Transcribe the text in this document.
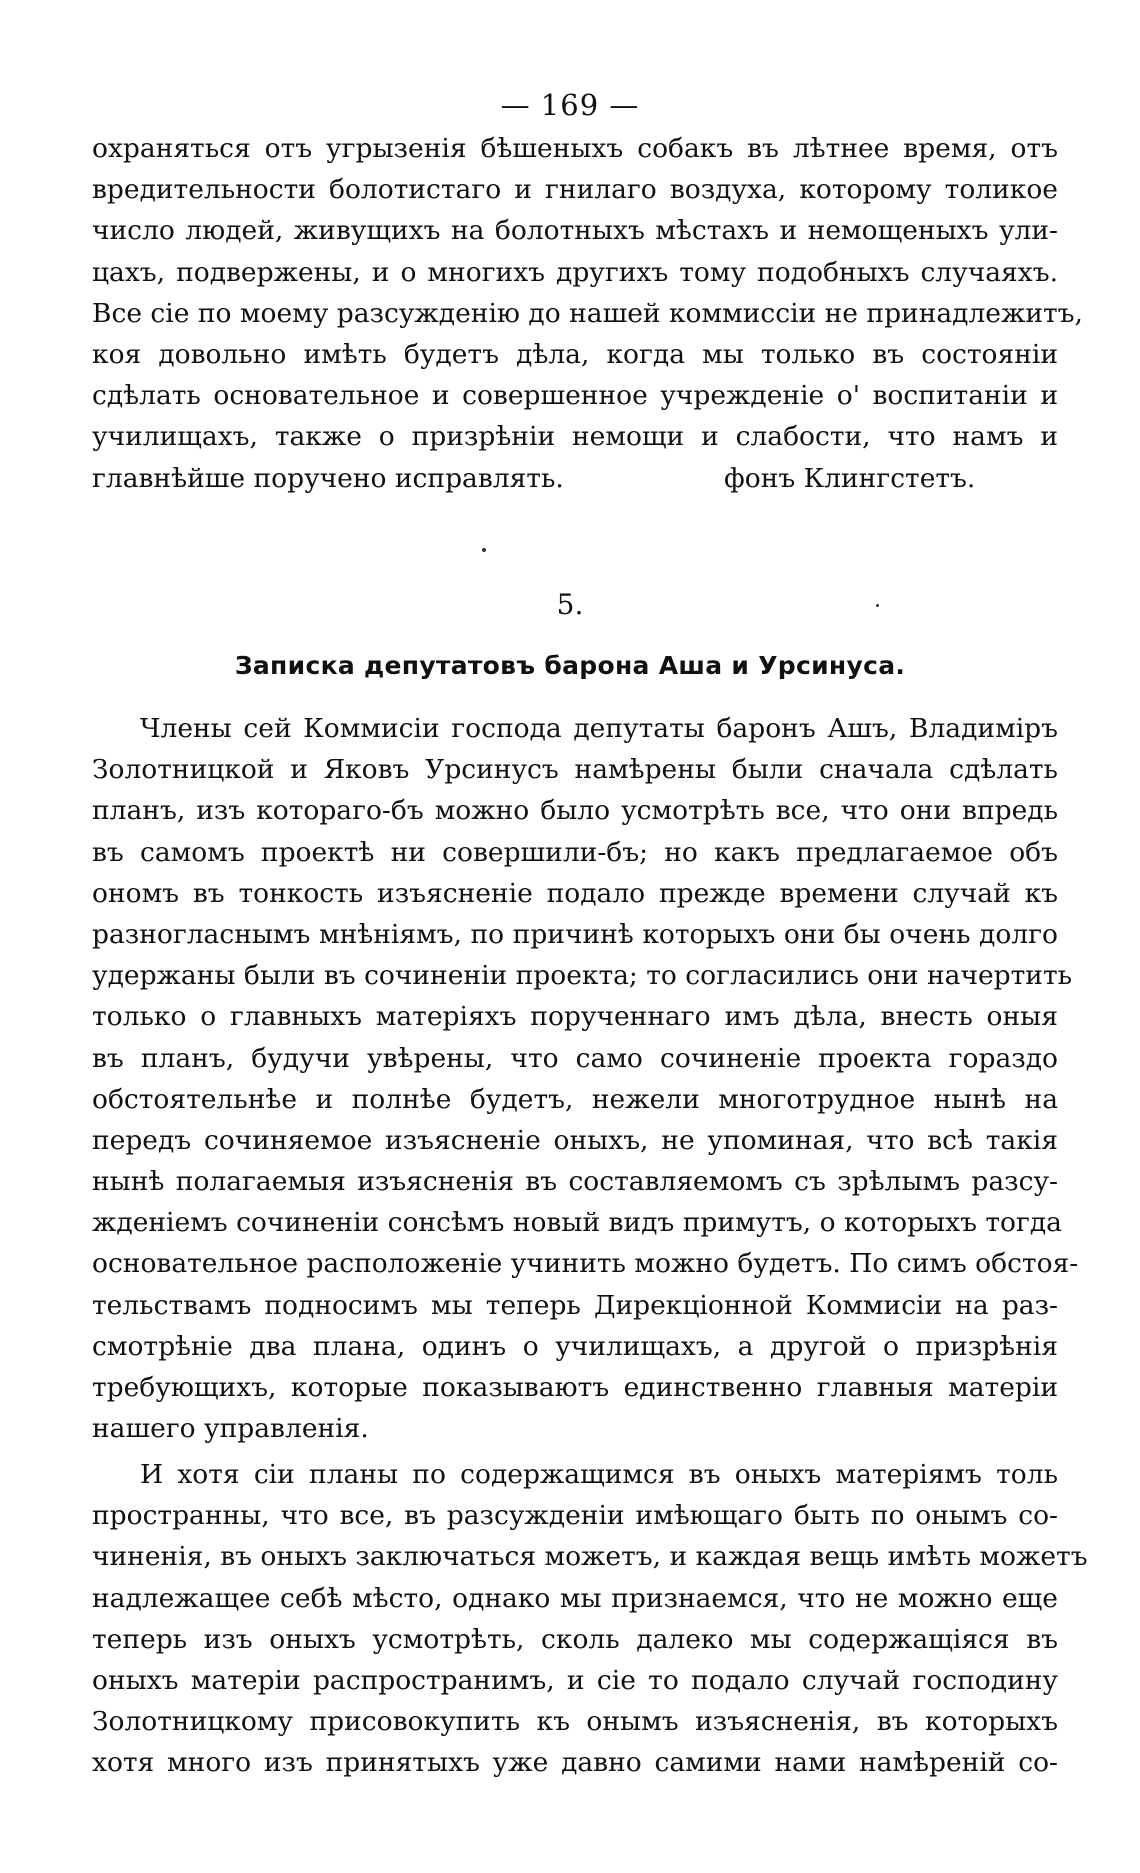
— 169 —
охраняться отъ угрызенія бѣшеныхъ собакъ въ лѣтнее время, отъ
вредительности болотистаго и гнилаго воздуха, которому толикое
число людей, живущихъ на болотныхъ мѣстахъ и немощеныхъ ули-
цахъ, подвержены, и о многихъ другихъ тому подобныхъ случаяхъ.
Все сіе по моему разсужденію до нашей коммиссіи не принадлежитъ,
коя довольно имѣть будетъ дѣла, когда мы только въ состояніи
сдѣлать основательное и совершенное учрежденіе о' воспитаніи и
училищахъ, также о призрѣніи немощи и слабости, что намъ и
главнѣйше поручено исправлять.	фонъ Клингстетъ.
5.
Записка депутатовъ барона Аша и Урсинуса.
Члены сей Коммисіи господа депутаты баронъ Ашъ, Владиміръ
Золотницкой и Яковъ Урсинусъ намѣрены были сначала сдѣлать
планъ, изъ котораго-бъ можно было усмотрѣть все, что они впредь
въ самомъ проектѣ ни совершили-бъ; но какъ предлагаемое объ
ономъ въ тонкость изъясненіе подало прежде времени случай къ
разногласнымъ мнѣніямъ, по причинѣ которыхъ они бы очень долго
удержаны были въ сочиненіи проекта; то согласились они начертить
только о главныхъ матеріяхъ порученнаго имъ дѣла, внесть оныя
въ планъ, будучи увѣрены, что само сочиненіе проекта гораздо
обстоятельнѣе и полнѣе будетъ, нежели многотрудное нынѣ на
передъ сочиняемое изъясненіе оныхъ, не упоминая, что всѣ такія
нынѣ полагаемыя изъясненія въ составляемомъ съ зрѣлымъ разсу-
жденіемъ сочиненіи сонсѣмъ новый видъ примутъ, о которыхъ тогда
основательное расположеніе учинить можно будетъ. По симъ обстоя-
тельствамъ подносимъ мы теперь Дирекціонной Коммисіи на раз-
смотрѣніе два плана, одинъ о училищахъ, а другой о призрѣнія
требующихъ, которые показываютъ единственно главныя матеріи
нашего управленія.
И хотя сіи планы по содержащимся въ оныхъ матеріямъ толь
пространны, что все, въ разсужденіи имѣющаго быть по онымъ со-
чиненія, въ оныхъ заключаться можетъ, и каждая вещь имѣть можетъ
надлежащее себѣ мѣсто, однако мы признаемся, что не можно еще
теперь изъ оныхъ усмотрѣть, сколь далеко мы содержащіяся въ
оныхъ матеріи распространимъ, и сіе то подало случай господину
Золотницкому присовокупить къ онымъ изъясненія, въ которыхъ
хотя много изъ принятыхъ уже давно самими нами намѣреній со-
